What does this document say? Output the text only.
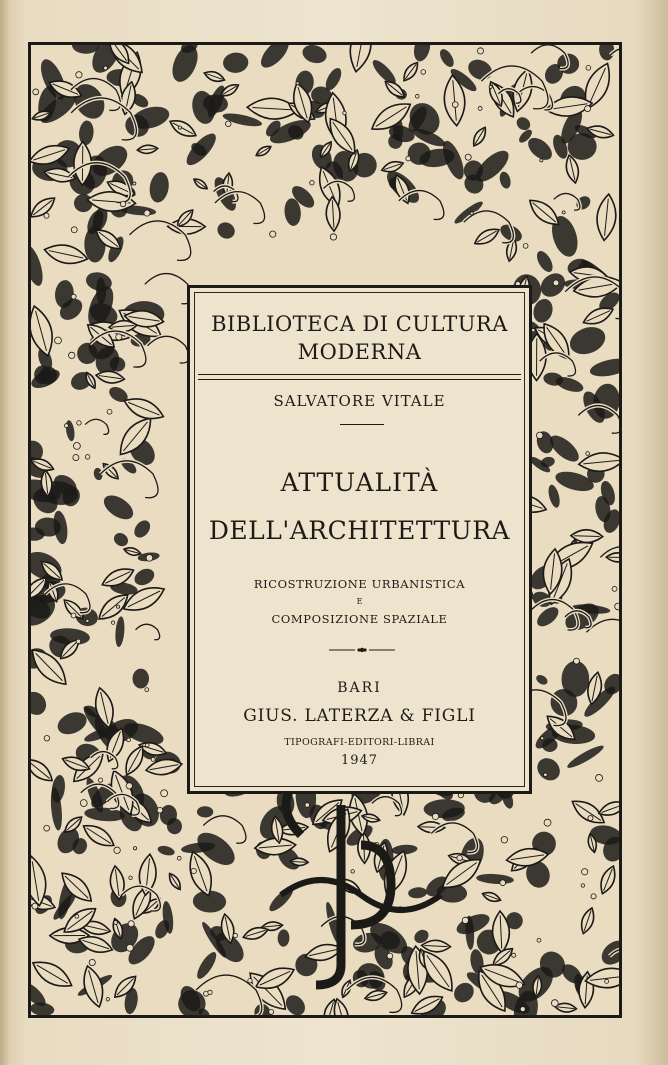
BIBLIOTECA DI CULTURA
MODERNA
SALVATORE VITALE
ATTUALITÀ
DELL'ARCHITETTURA
RICOSTRUZIONE URBANISTICA
E
COMPOSIZIONE SPAZIALE
BARI
GIUS. LATERZA & FIGLI
TIPOGRAFI-EDITORI-LIBRAI
1947
